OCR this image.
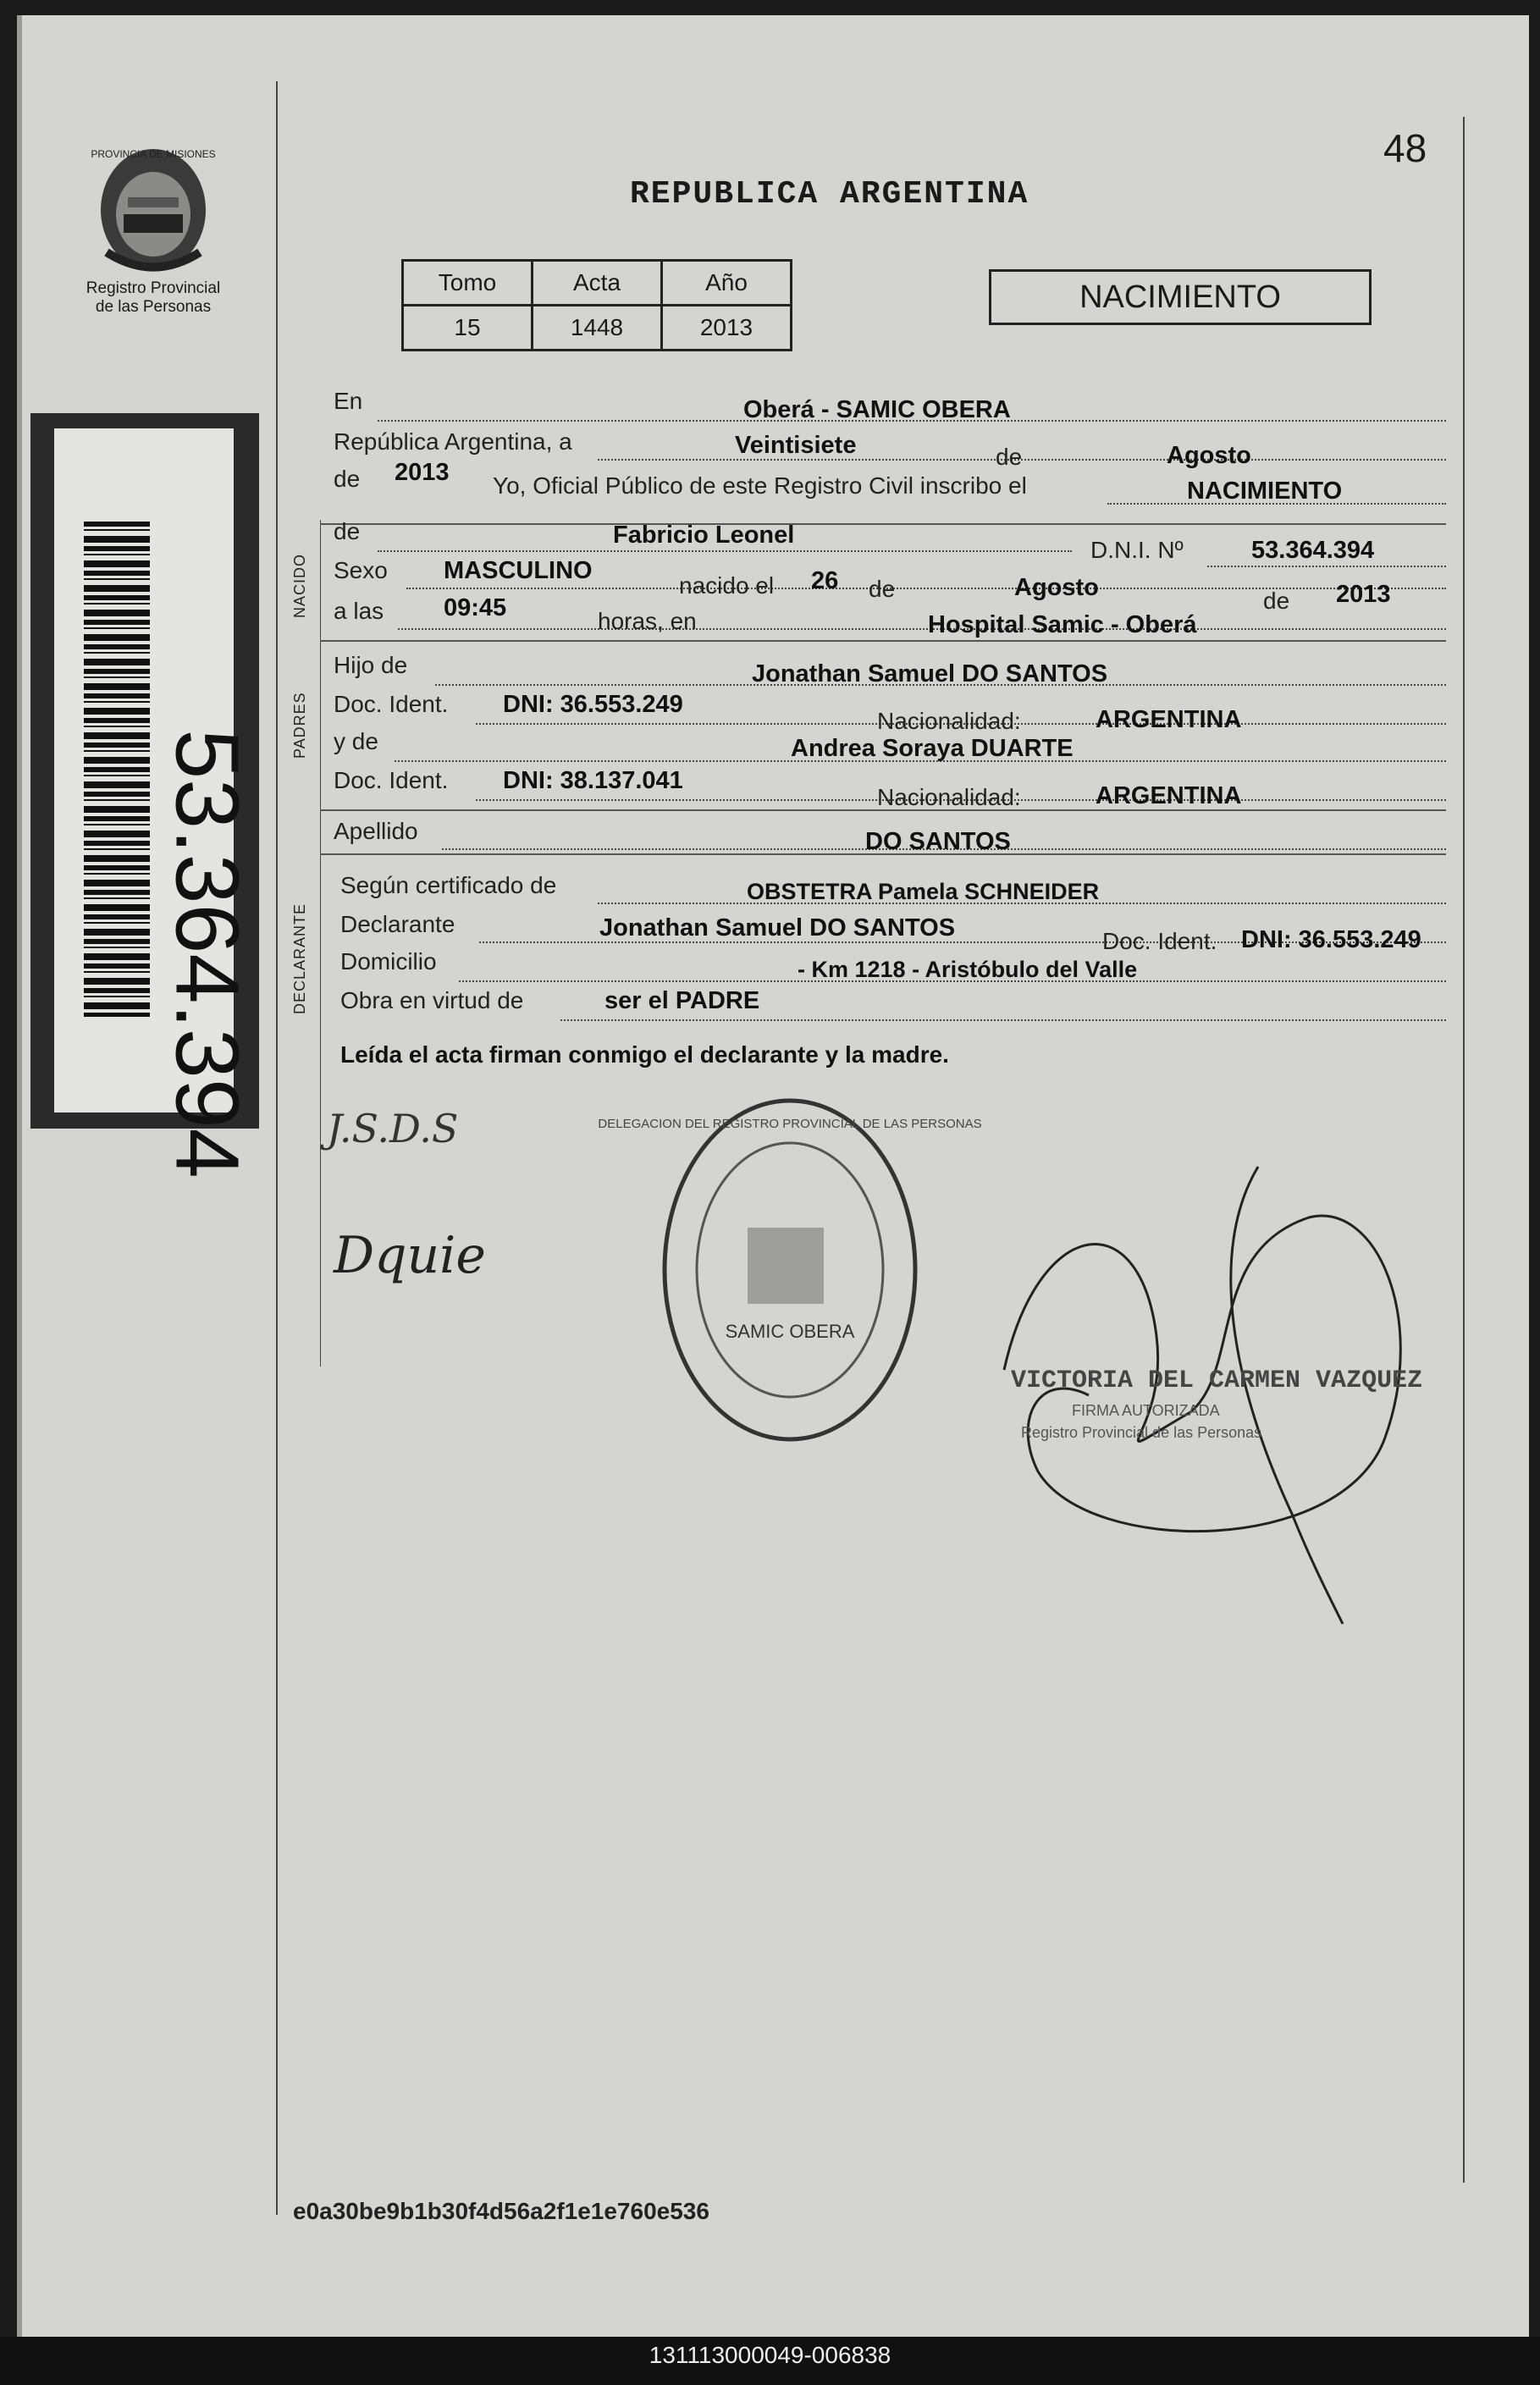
PROVINCIA DE MISIONES
Registro Provincial de las Personas
53.364.394
48
REPUBLICA ARGENTINA
Tomo	Acta	Año
15	1448	2013
NACIMIENTO
NACIDO
PADRES
DECLARANTE
En	Oberá - SAMIC OBERA
República Argentina, a	Veintisiete	de	Agosto
de 2013 Yo, Oficial Público de este Registro Civil inscribo el	NACIMIENTO
de	Fabricio Leonel
D.N.I. Nº	53.364.394
Sexo MASCULINO
nacido el 26 de	Agosto	de 2013
a las 09:45	horas, en	Hospital Samic - Oberá
Hijo de	Jonathan Samuel DO SANTOS
Doc. Ident. DNI: 36.553.249
Nacionalidad:	ARGENTINA
y de	Andrea Soraya DUARTE
Doc. Ident. DNI: 38.137.041
Nacionalidad:	ARGENTINA
Apellido	DO SANTOS
Según certificado de	OBSTETRA Pamela SCHNEIDER
Declarante	Jonathan Samuel DO SANTOS	Doc. Ident. DNI: 36.553.249
Domicilio	- Km 1218 - Aristóbulo del Valle
Obra en virtud de	ser el PADRE
Leída el acta firman conmigo el declarante y la madre.
J.S.D.S
Dquie
SAMIC OBERA
DELEGACION DEL REGISTRO PROVINCIAL DE LAS PERSONAS
VICTORIA DEL CARMEN VAZQUEZ
FIRMA AUTORIZADA
Registro Provincial de las Personas
e0a30be9b1b30f4d56a2f1e1e760e536
131113000049-006838
